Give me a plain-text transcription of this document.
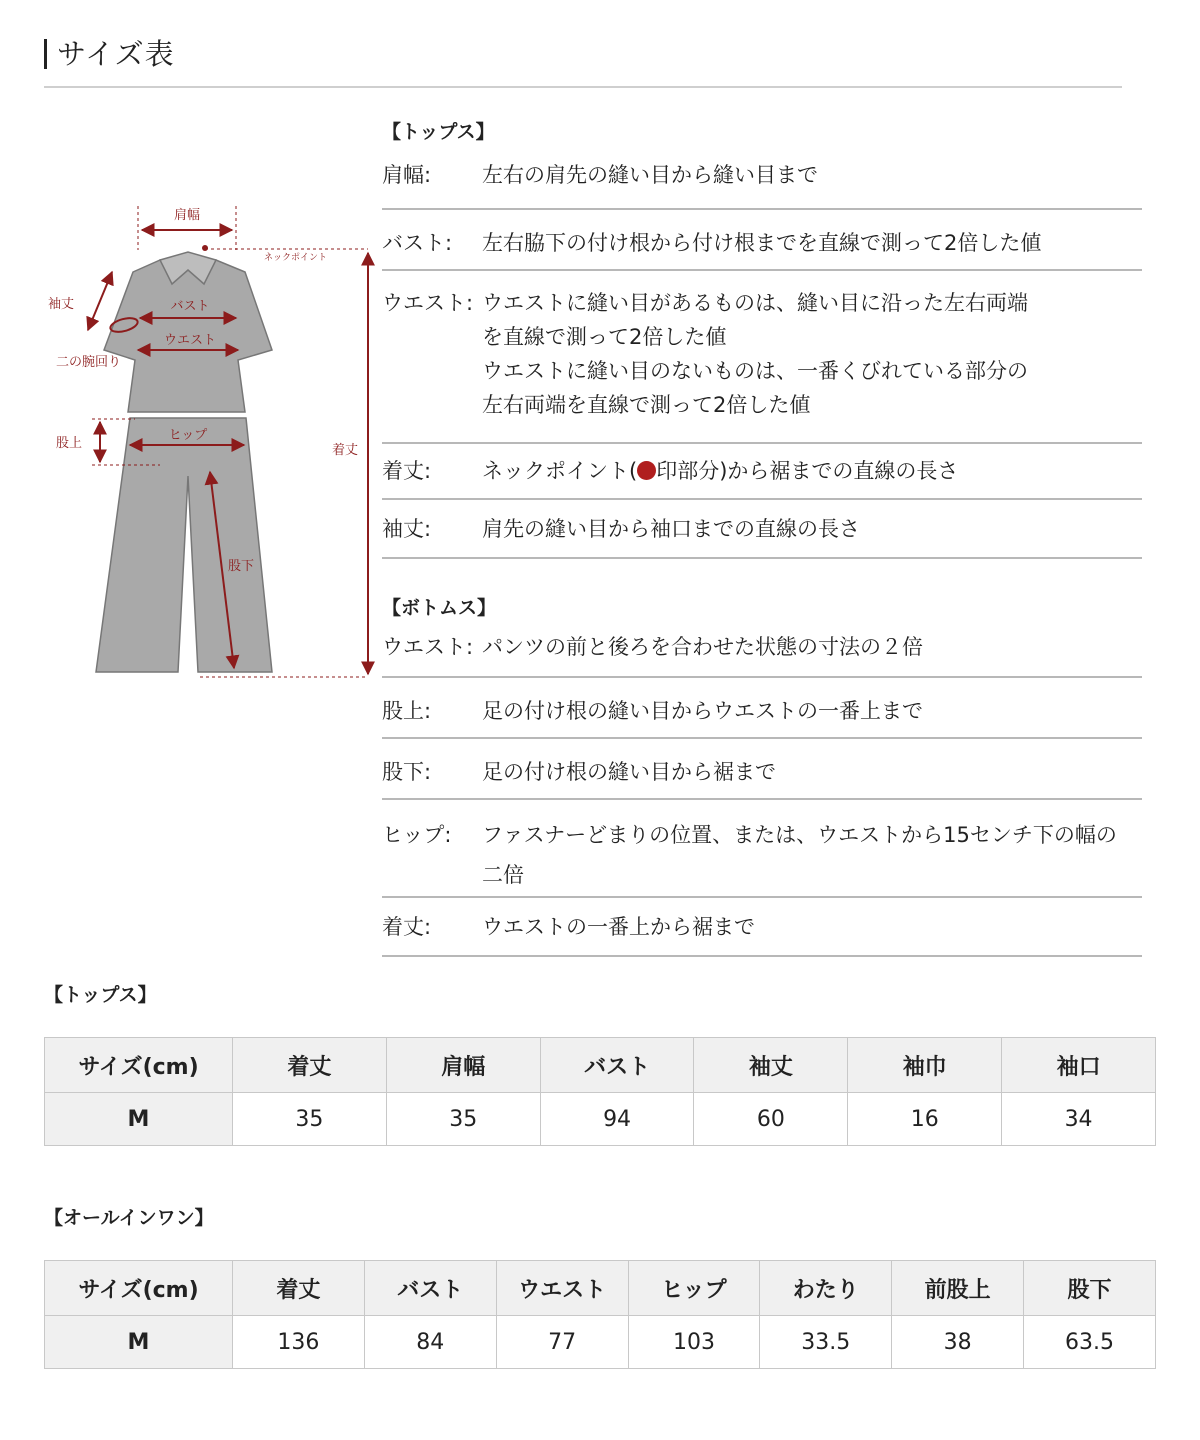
サイズ表
肩幅
ネックポイント
袖丈	バスト
ウエスト
二の腕回り
股上
ヒップ
着丈
股下
【トップス】
肩幅:	左右の肩先の縫い目から縫い目まで
バスト:	左右脇下の付け根から付け根までを直線で測って2倍した値
ウエスト: ウエストに縫い目があるものは、縫い目に沿った左右両端
を直線で測って2倍した値
ウエストに縫い目のないものは、一番くびれている部分の
左右両端を直線で測って2倍した値
着丈:	ネックポイント( 印部分)から裾までの直線の長さ
袖丈:	肩先の縫い目から袖口までの直線の長さ
【ボトムス】
ウエスト: パンツの前と後ろを合わせた状態の寸法の２倍
股上:	足の付け根の縫い目からウエストの一番上まで
股下:	足の付け根の縫い目から裾まで
ヒップ:	ファスナーどまりの位置、または、ウエストから15センチ下の幅の
二倍
着丈:	ウエストの一番上から裾まで
【トップス】
サイズ(cm)	着丈	肩幅	バスト	袖丈	袖巾	袖口
M	35	35	94	60	16	34
【オールインワン】
サイズ(cm)	着丈	バスト	ウエスト	ヒップ	わたり	前股上	股下
M	136	84	77	103	33.5	38	63.5
